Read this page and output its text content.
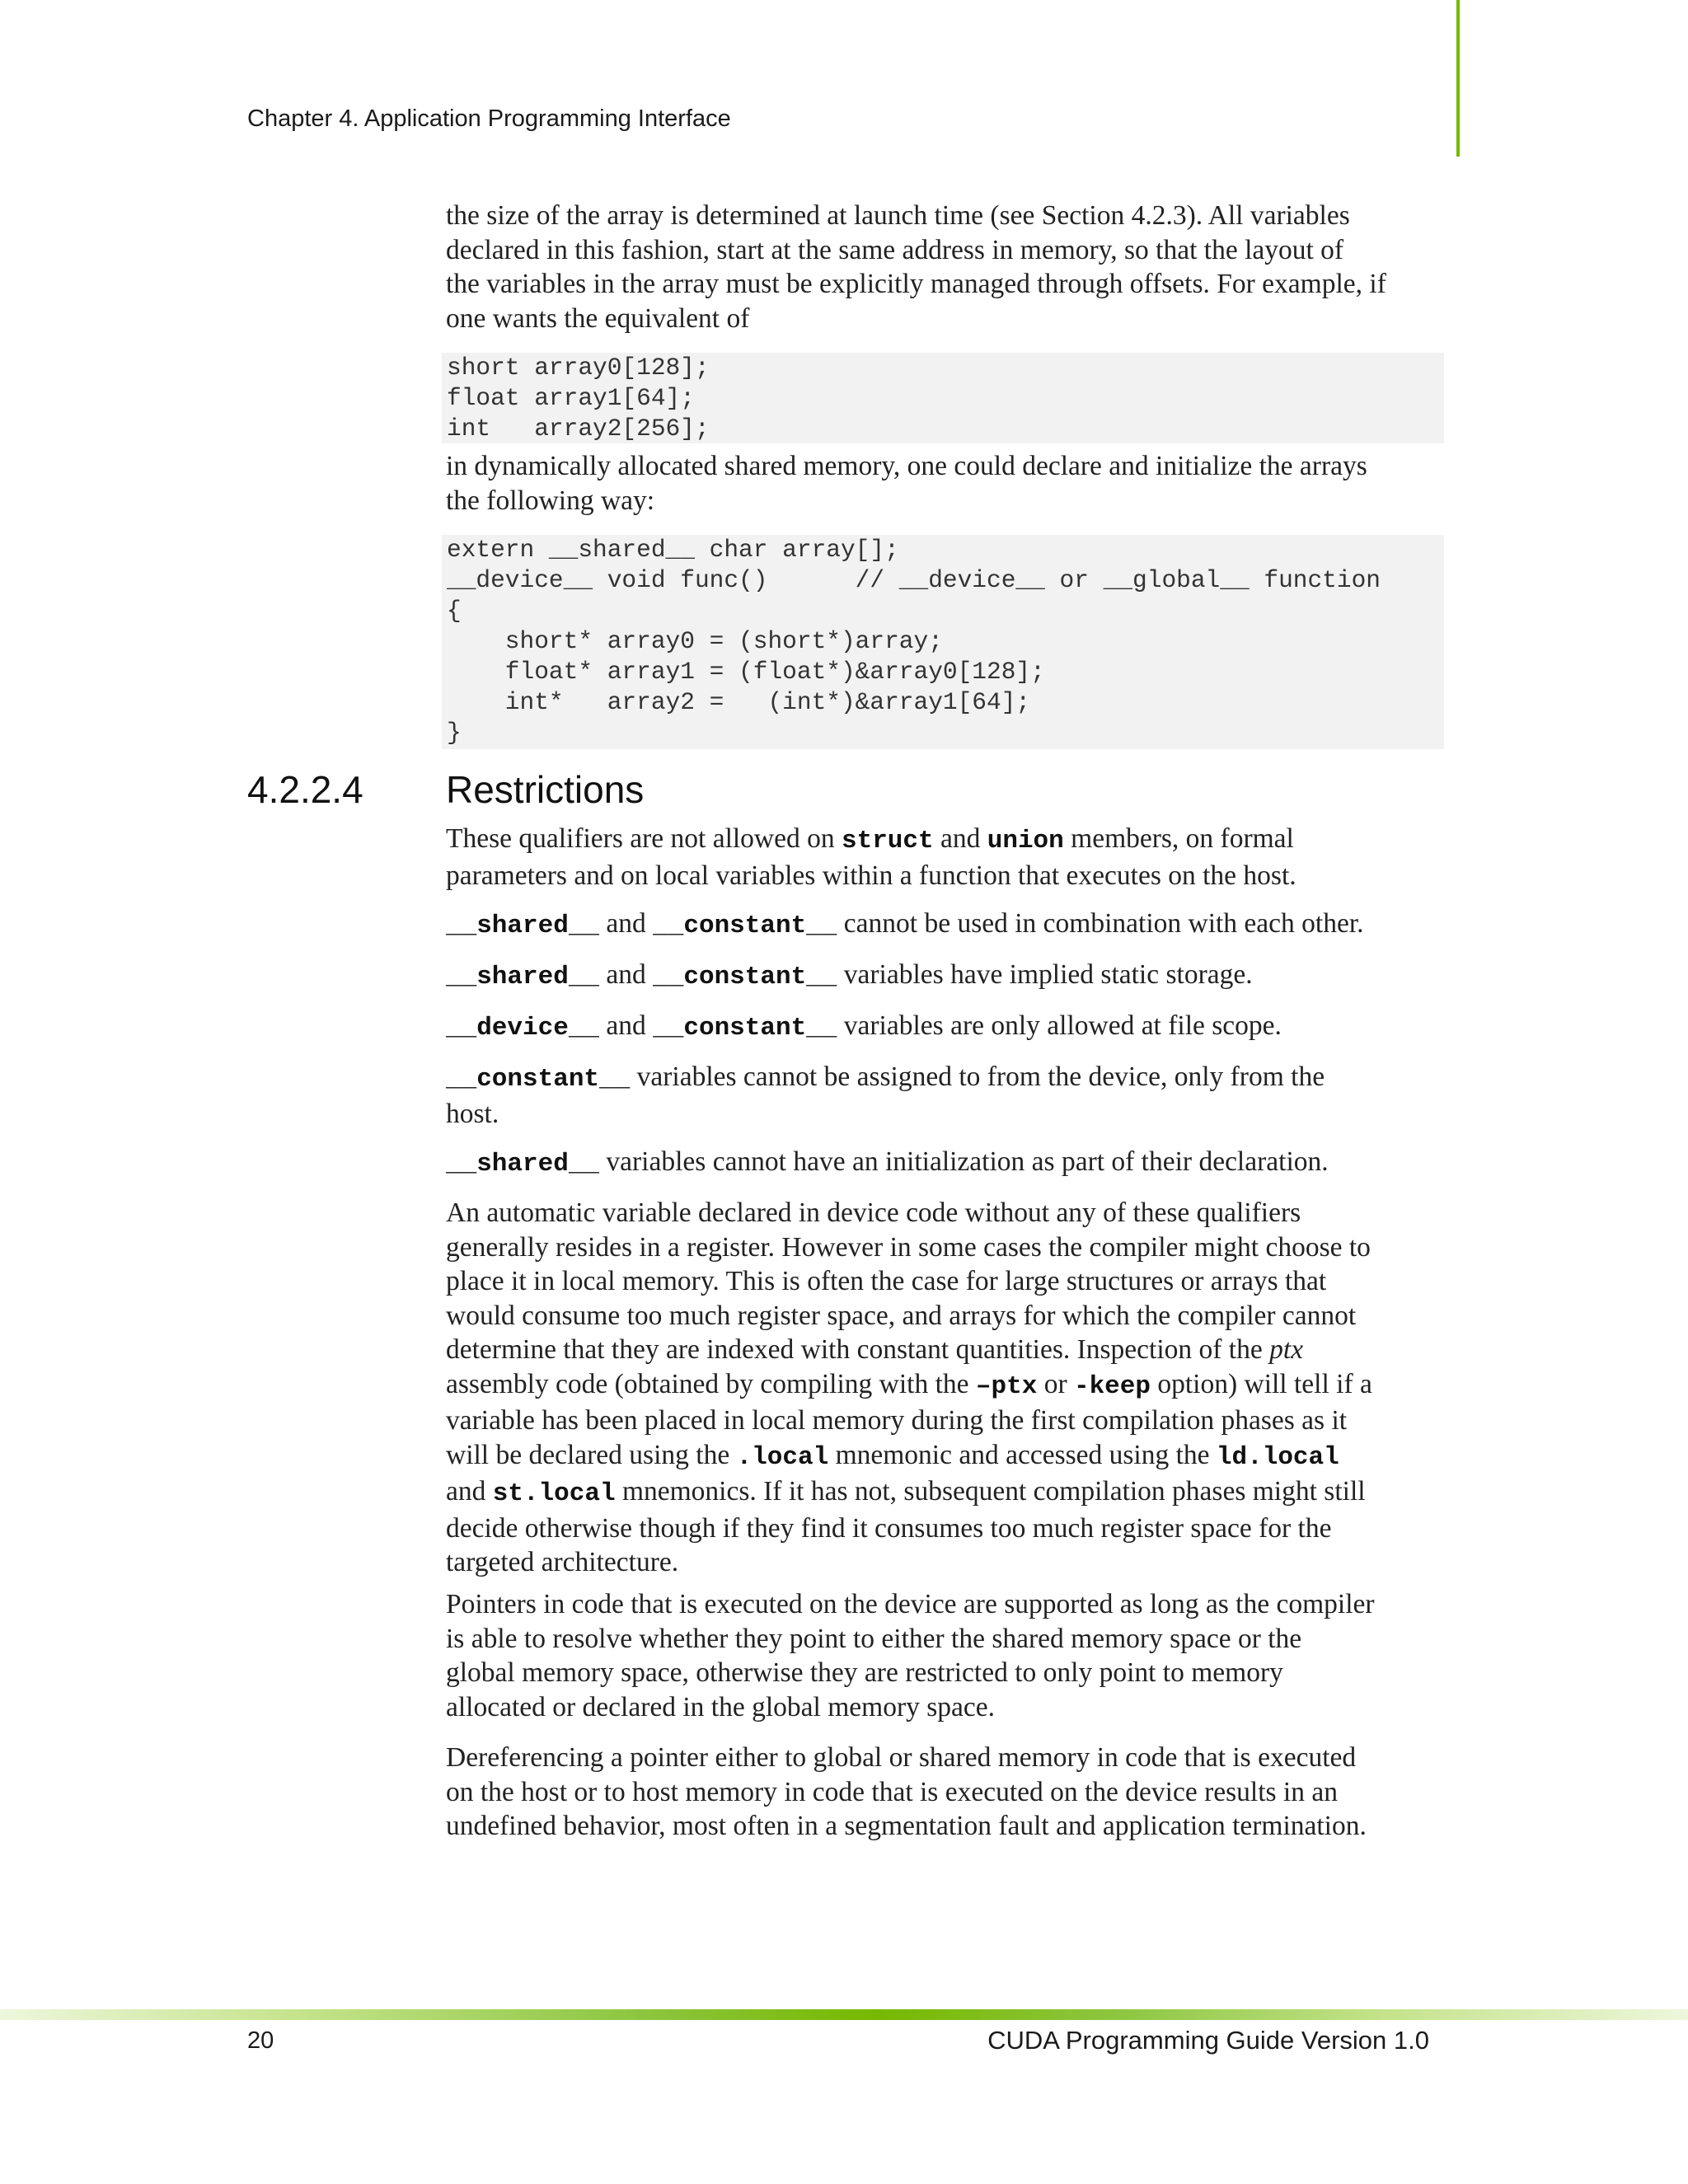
Chapter 4. Application Programming Interface

the size of the array is determined at launch time (see Section 4.2.3). All variables
declared in this fashion, start at the same address in memory, so that the layout of
the variables in the array must be explicitly managed through offsets. For example, if
one wants the equivalent of

short array0[128];
float array1[64];
int   array2[256];

in dynamically allocated shared memory, one could declare and initialize the arrays
the following way:

extern __shared__ char array[];
__device__ void func()      // __device__ or __global__ function
{
short* array0 = (short*)array;
float* array1 = (float*)&array0[128];
int*   array2 =   (int*)&array1[64];
}
4.2.2.4 Restrictions

These qualifiers are not allowed on struct and union members, on formal
parameters and on local variables within a function that executes on the host.

__shared__ and __constant__ cannot be used in combination with each other.

__shared__ and __constant__ variables have implied static storage.

__device__ and __constant__ variables are only allowed at file scope.

__constant__ variables cannot be assigned to from the device, only from the
host.

__shared__ variables cannot have an initialization as part of their declaration.

An automatic variable declared in device code without any of these qualifiers
generally resides in a register. However in some cases the compiler might choose to
place it in local memory. This is often the case for large structures or arrays that
would consume too much register space, and arrays for which the compiler cannot
determine that they are indexed with constant quantities. Inspection of the ptx
assembly code (obtained by compiling with the –ptx or -keep option) will tell if a
variable has been placed in local memory during the first compilation phases as it
will be declared using the .local mnemonic and accessed using the ld.local
and st.local mnemonics. If it has not, subsequent compilation phases might still
decide otherwise though if they find it consumes too much register space for the
targeted architecture.

Pointers in code that is executed on the device are supported as long as the compiler
is able to resolve whether they point to either the shared memory space or the
global memory space, otherwise they are restricted to only point to memory
allocated or declared in the global memory space.

Dereferencing a pointer either to global or shared memory in code that is executed
on the host or to host memory in code that is executed on the device results in an
undefined behavior, most often in a segmentation fault and application termination.

20	CUDA Programming Guide Version 1.0
